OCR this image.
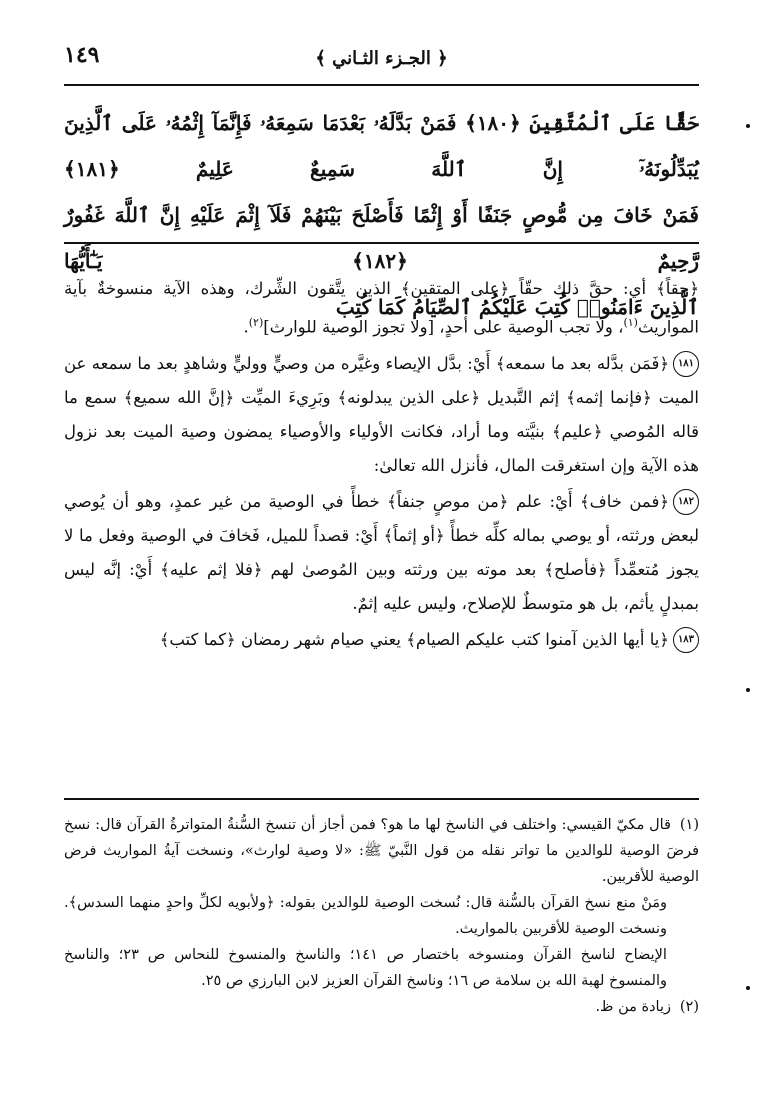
١٤٩	﴿ الجـزء الثـاني ﴾

حَقًّا عَلَى ٱلْمُتَّقِينَ ﴿١٨٠﴾ فَمَنْ بَدَّلَهُۥ بَعْدَمَا سَمِعَهُۥ فَإِنَّمَآ إِثْمُهُۥ عَلَى ٱلَّذِينَ يُبَدِّلُونَهُۥٓ إِنَّ ٱللَّهَ سَمِيعٌ عَلِيمٌ ﴿١٨١﴾

فَمَنْ خَافَ مِن مُّوصٍ جَنَفًا أَوْ إِثْمًا فَأَصْلَحَ بَيْنَهُمْ فَلَآ إِثْمَ عَلَيْهِ إِنَّ ٱللَّهَ غَفُورٌ رَّحِيمٌ ﴿١٨٢﴾ يَـٰٓأَيُّهَا

ٱلَّذِينَ ءَامَنُوا۟ كُتِبَ عَلَيْكُمُ ٱلصِّيَامُ كَمَا كُتِبَ

﴿حقاً﴾ أي: حقَّ ذلك حقّاً ﴿على المتقين﴾ الذين يتَّقون الشِّرك، وهذه الآية منسوخةٌ بآية المواريث$^{(١)}$، ولا تجب الوصية على أحدٍ، [ولا تجوز الوصية للوارث]$^{(٢)}$.

١٨١﴿فَمَن بدَّله بعد ما سمعه﴾ أَيْ: بدَّل الإيصاء وغيَّره من وصيٍّ ووليٍّ وشاهدٍ بعد ما سمعه عن الميت ﴿فإنما إثمه﴾ إثم التَّبديل ﴿على الذين يبدلونه﴾ وبَرِيءَ الميِّت ﴿إنَّ الله سميع﴾ سمع ما قاله المُوصي ﴿عليم﴾ بنيَّته وما أراد، فكانت الأولياء والأوصياء يمضون وصية الميت بعد نزول هذه الآية وإن استغرقت المال، فأنزل الله تعالىٰ:

١٨٢﴿فمن خاف﴾ أَيْ: علم ﴿من موصٍ جنفاً﴾ خطأً في الوصية من غير عمدٍ، وهو أن يُوصي لبعض ورثته، أو يوصي بماله كلِّه خطأً ﴿أو إثماً﴾ أَيْ: قصداً للميل، فَخافَ في الوصية وفعل ما لا يجوز مُتعمِّداً ﴿فأصلح﴾ بعد موته بين ورثته وبين المُوصىٰ لهم ﴿فلا إثم عليه﴾ أَيْ: إنَّه ليس بمبدلٍ يأثم، بل هو متوسطٌ للإصلاح، وليس عليه إثمٌ.

١٨٣﴿يا أيها الذين آمنوا كتب عليكم الصيام﴾ يعني صيام شهر رمضان ﴿كما كتب﴾

(١)قال مكيّ القيسي: واختلف في الناسخ لها ما هو؟ فمن أجاز أن تنسخ السُّنةُ المتواترةُ القرآن قال: نسخ فرضَ الوصية للوالدين ما تواتر نقله من قول النَّبيّ ﷺ: «لا وصية لوارث»، ونسخت آيةُ المواريث فرض الوصية للأقربين.

ومَنْ منع نسخ القرآن بالسُّنة قال: نُسخت الوصية للوالدين بقوله: ﴿ولأبويه لكلِّ واحدٍ منهما السدس﴾. ونسخت الوصية للأقربين بالمواريث.

الإيضاح لناسخ القرآن ومنسوخه باختصار ص ١٤١؛ والناسخ والمنسوخ للنحاس ص ٢٣؛ والناسخ والمنسوخ لهبة الله بن سلامة ص ١٦؛ وناسخ القرآن العزيز لابن البارزي ص ٢٥.

(٢)زيادة من ظ.
